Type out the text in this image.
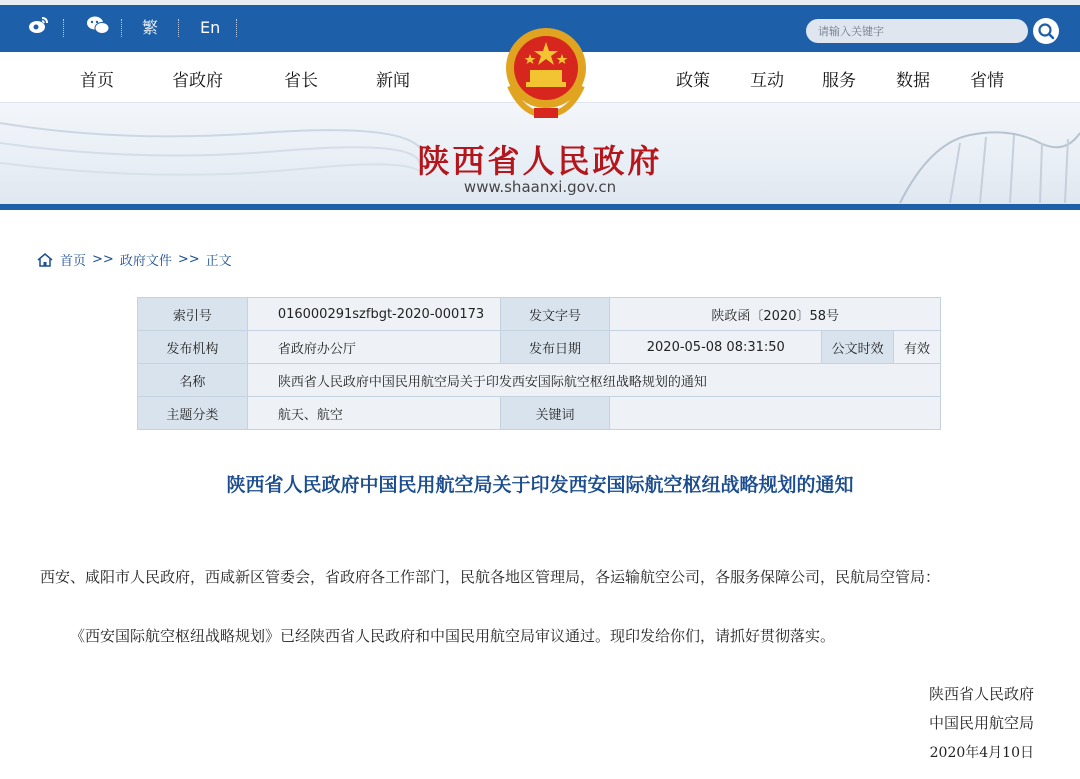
繁	En
请输入关键字
首页	省政府	省长	新闻	政策 互动 服务 数据 省情
陕西省人民政府
www.shaanxi.gov.cn
首页 >> 政府文件 >> 正文
索引号	016000291szfbgt-2020-000173	发文字号	陕政函〔2020〕58号		
发布机构	省政府办公厅	发布日期	2020-05-08 08:31:50	公文时效	有效
名称	陕西省人民政府中国民用航空局关于印发西安国际航空枢纽战略规划的通知				
主题分类	航天、航空	关键词			
陕西省人民政府中国民用航空局关于印发西安国际航空枢纽战略规划的通知
西安、咸阳市人民政府，西咸新区管委会，省政府各工作部门，民航各地区管理局，各运输航空公司，各服务保障公司，民航局空管局：
《西安国际航空枢纽战略规划》已经陕西省人民政府和中国民用航空局审议通过。现印发给你们，请抓好贯彻落实。
陕西省人民政府
中国民用航空局
2020年4月10日
